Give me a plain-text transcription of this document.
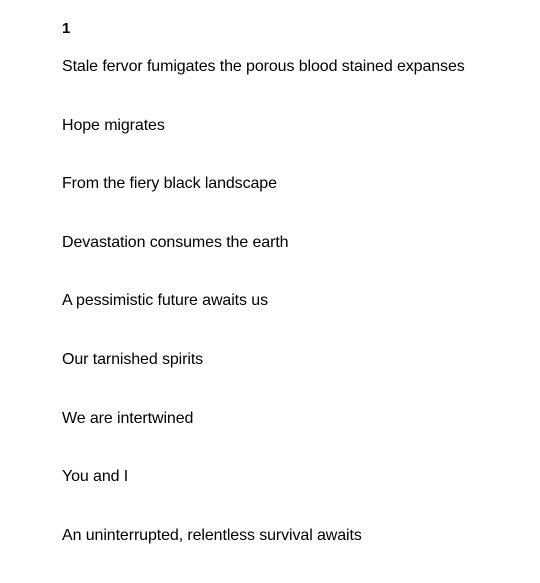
1
Stale fervor fumigates the porous blood stained expanses
Hope migrates
From the fiery black landscape
Devastation consumes the earth
A pessimistic future awaits us
Our tarnished spirits
We are intertwined
You and I
An uninterrupted, relentless survival awaits
